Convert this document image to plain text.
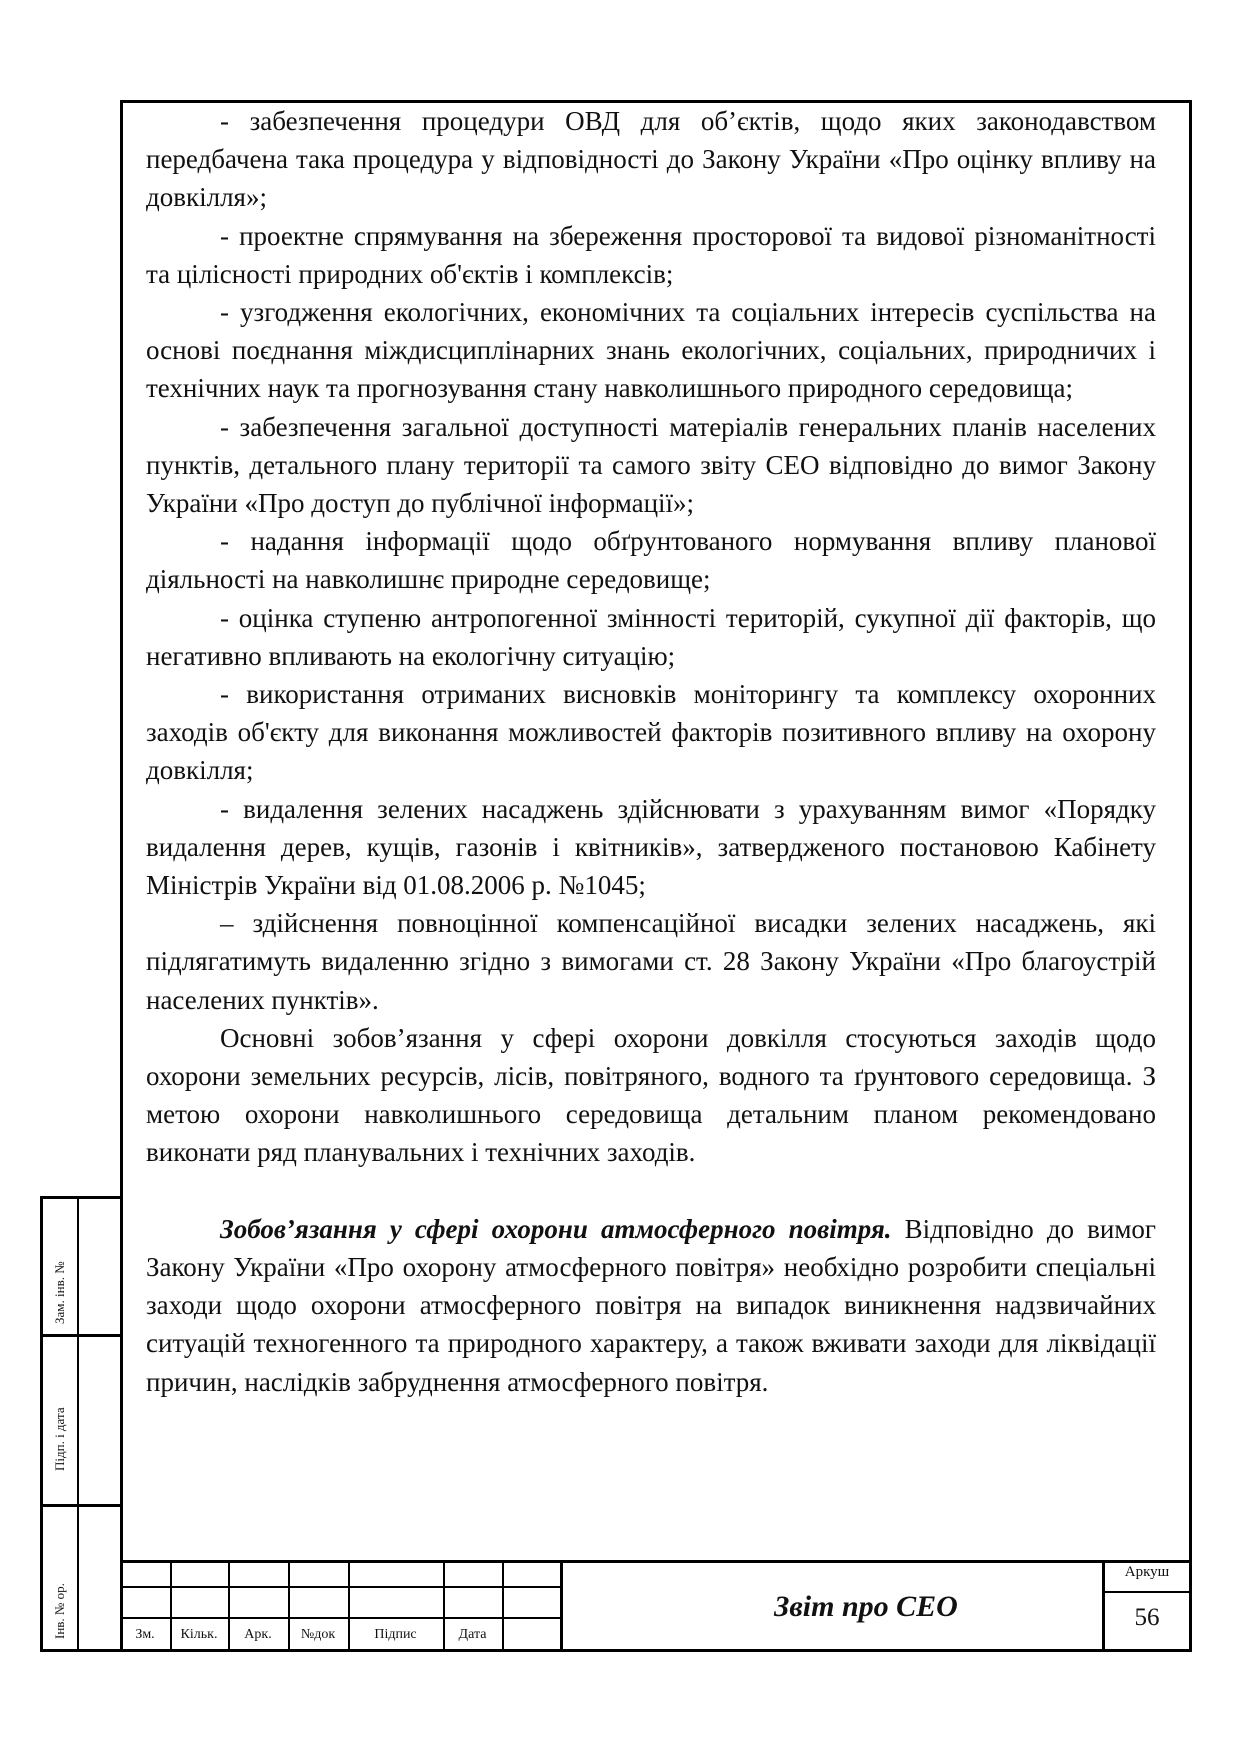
- забезпечення процедури ОВД для об’єктів, щодо яких законодавством передбачена така процедура у відповідності до Закону України «Про оцінку впливу на довкілля»;

- проектне спрямування на збереження просторової та видової різноманітності та цілісності природних об'єктів і комплексів;

- узгодження екологічних, економічних та соціальних інтересів суспільства на основі поєднання міждисциплінарних знань екологічних, соціальних, природничих і технічних наук та прогнозування стану навколишнього природного середовища;

- забезпечення загальної доступності матеріалів генеральних планів населених пунктів, детального плану території та самого звіту СЕО відповідно до вимог Закону України «Про доступ до публічної інформації»;

- надання інформації щодо обґрунтованого нормування впливу планової діяльності на навколишнє природне середовище;

- оцінка ступеню антропогенної змінності територій, сукупної дії факторів, що негативно впливають на екологічну ситуацію;

- використання отриманих висновків моніторингу та комплексу охоронних заходів об'єкту для виконання можливостей факторів позитивного впливу на охорону довкілля;

- видалення зелених насаджень здійснювати з урахуванням вимог «Порядку видалення дерев, кущів, газонів і квітників», затвердженого постановою Кабінету Міністрів України від 01.08.2006 р. №1045;

– здійснення повноцінної компенсаційної висадки зелених насаджень, які підлягатимуть видаленню згідно з вимогами ст. 28 Закону України «Про благоустрій населених пунктів».

Основні зобов’язання у сфері охорони довкілля стосуються заходів щодо охорони земельних ресурсів, лісів, повітряного, водного та ґрунтового середовища. З метою охорони навколишнього середовища детальним планом рекомендовано виконати ряд планувальних і технічних заходів.

Зобов’язання у сфері охорони атмосферного повітря. Відповідно до вимог Закону України «Про охорону атмосферного повітря» необхідно розробити спеціальні заходи щодо охорони атмосферного повітря на випадок виникнення надзвичайних ситуацій техногенного та природного характеру, а також вживати заходи для ліквідації причин, наслідків забруднення атмосферного повітря.

Зам. інв. №
Підп. і дата
Інв. № ор.	Зм.	Кільк.	Арк.	№док	Підпис	Дата
Звіт про СЕО
Аркуш
56
